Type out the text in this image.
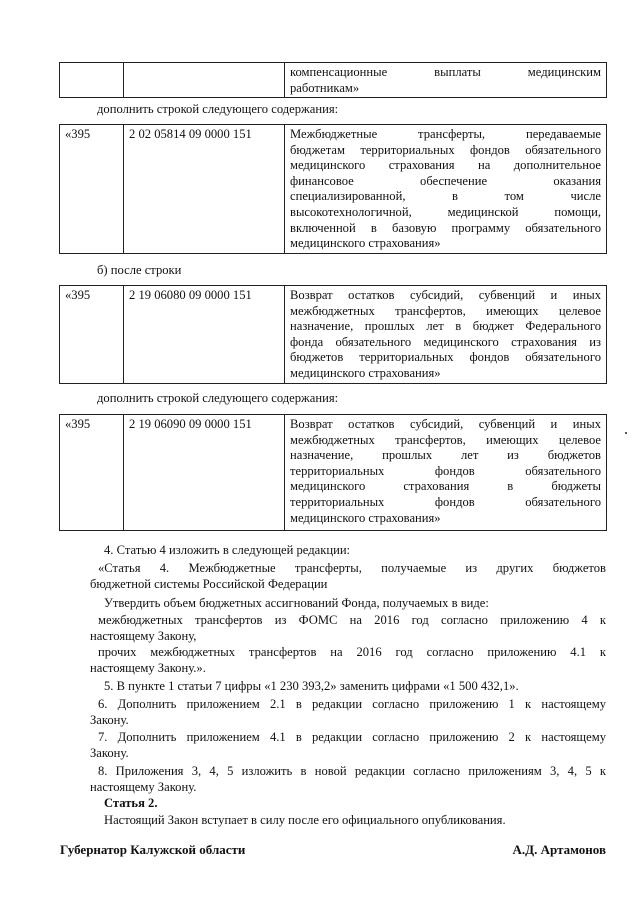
компенсационные выплаты медицинским
работникам»
дополнить строкой следующего содержания:
«395	2 02 05814 09 0000 151	Межбюджетные трансферты, передаваемые
бюджетам территориальных фондов обязательного
медицинского страхования на дополнительное
финансовое обеспечение оказания
специализированной, в том числе
высокотехнологичной, медицинской помощи,
включенной в базовую программу обязательного
медицинского страхования»
б) после строки
«395	2 19 06080 09 0000 151	Возврат остатков субсидий, субвенций и иных
межбюджетных трансфертов, имеющих целевое
назначение, прошлых лет в бюджет Федерального
фонда обязательного медицинского страхования из
бюджетов территориальных фондов обязательного
медицинского страхования»
дополнить строкой следующего содержания:
«395	2 19 06090 09 0000 151	Возврат остатков субсидий, субвенций и иных
межбюджетных трансфертов, имеющих целевое
назначение, прошлых лет из бюджетов
территориальных фондов обязательного
медицинского страхования в бюджеты
территориальных фондов обязательного
медицинского страхования»
4. Статью 4 изложить в следующей редакции:
«Статья 4. Межбюджетные трансферты, получаемые из других бюджетов
бюджетной системы Российской Федерации
Утвердить объем бюджетных ассигнований Фонда, получаемых в виде:
межбюджетных трансфертов из ФОМС на 2016 год согласно приложению 4 к
настоящему Закону,
прочих межбюджетных трансфертов на 2016 год согласно приложению 4.1 к
настоящему Закону.».
5. В пункте 1 статьи 7 цифры «1 230 393,2» заменить цифрами «1 500 432,1».
6. Дополнить приложением 2.1 в редакции согласно приложению 1 к настоящему
Закону.
7. Дополнить приложением 4.1 в редакции согласно приложению 2 к настоящему
Закону.
8. Приложения 3, 4, 5 изложить в новой редакции согласно приложениям 3, 4, 5 к
настоящему Закону.
Статья 2.
Настоящий Закон вступает в силу после его официального опубликования.
Губернатор Калужской области	А.Д. Артамонов
